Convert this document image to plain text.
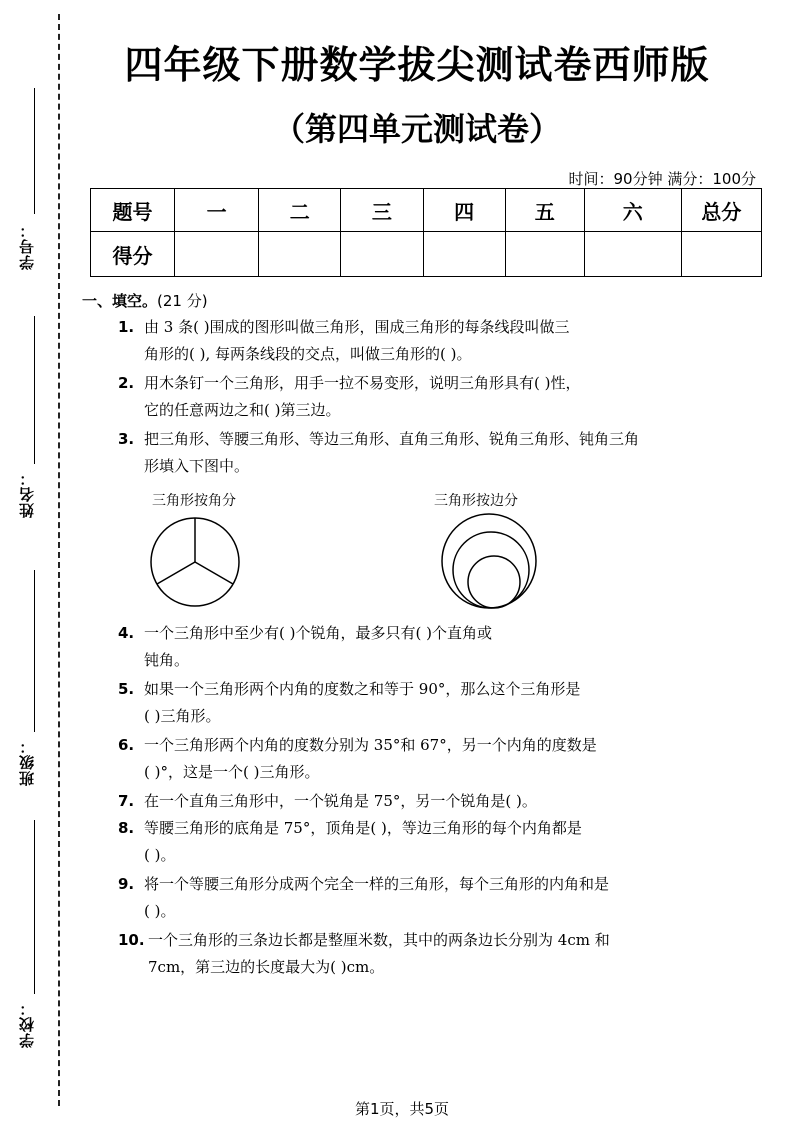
学号：
姓名：
班级：
学校：
四年级下册数学拔尖测试卷西师版
（第四单元测试卷）
时间：90分钟 满分：100分
题号	一	二	三	四	五	六	总分
得分							
一、填空。(21 分)
1. 由 3 条( )围成的图形叫做三角形，围成三角形的每条线段叫做三
角形的( ), 每两条线段的交点，叫做三角形的( )。
2. 用木条钉一个三角形，用手一拉不易变形，说明三角形具有( )性，
它的任意两边之和( )第三边。
3. 把三角形、等腰三角形、等边三角形、直角三角形、锐角三角形、钝角三角
形填入下图中。
三角形按角分	三角形按边分
4. 一个三角形中至少有( )个锐角，最多只有( )个直角或
钝角。
5. 如果一个三角形两个内角的度数之和等于 90°，那么这个三角形是
( )三角形。
6. 一个三角形两个内角的度数分别为 35°和 67°，另一个内角的度数是
( )°，这是一个( )三角形。
7. 在一个直角三角形中，一个锐角是 75°，另一个锐角是( )。
8. 等腰三角形的底角是 75°，顶角是( )，等边三角形的每个内角都是
( )。
9. 将一个等腰三角形分成两个完全一样的三角形，每个三角形的内角和是
( )。
10. 一个三角形的三条边长都是整厘米数，其中的两条边长分别为 4cm 和
7cm，第三边的长度最大为( )cm。
第1页，共5页
